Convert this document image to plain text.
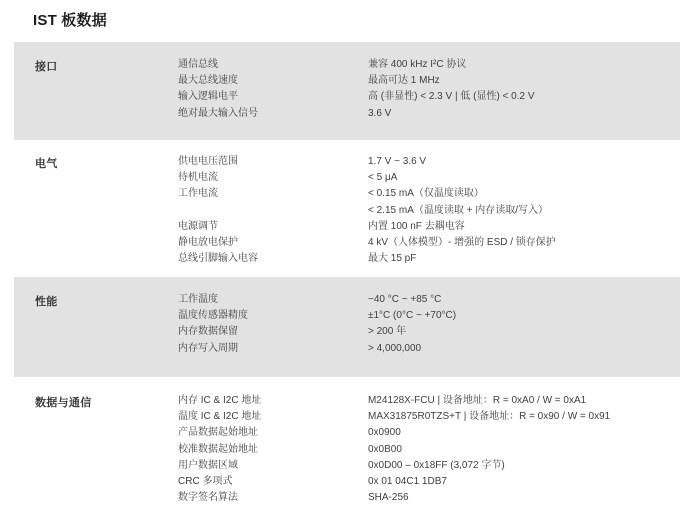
IST 板数据
接口	通信总线	兼容 400 kHz I²C 协议
最大总线速度	最高可达 1 MHz
输入逻辑电平	高 (非显性) < 2.3 V | 低 (显性) < 0.2 V
绝对最大输入信号	3.6 V
电气	供电电压范围	1.7 V ~ 3.6 V
待机电流	< 5 μA
工作电流	< 0.15 mA（仅温度读取）
< 2.15 mA（温度读取 + 内存读取/写入）
电源调节	内置 100 nF 去耦电容
静电放电保护	4 kV（人体模型）- 增强的 ESD / 锁存保护
总线引脚输入电容	最大 15 pF
性能	工作温度	−40 °C ~ +85 °C
温度传感器精度	±1°C (0°C ~ +70°C)
内存数据保留	> 200 年
内存写入周期	> 4,000,000
数据与通信	内存 IC & I2C 地址	M24128X-FCU | 设备地址：R = 0xA0 / W = 0xA1
温度 IC & I2C 地址	MAX31875R0TZS+T | 设备地址：R = 0x90 / W = 0x91
产品数据起始地址	0x0900
校准数据起始地址	0x0B00
用户数据区域	0x0D00 – 0x18FF (3,072 字节)
CRC 多项式	0x 01 04C1 1DB7
数字签名算法	SHA-256
